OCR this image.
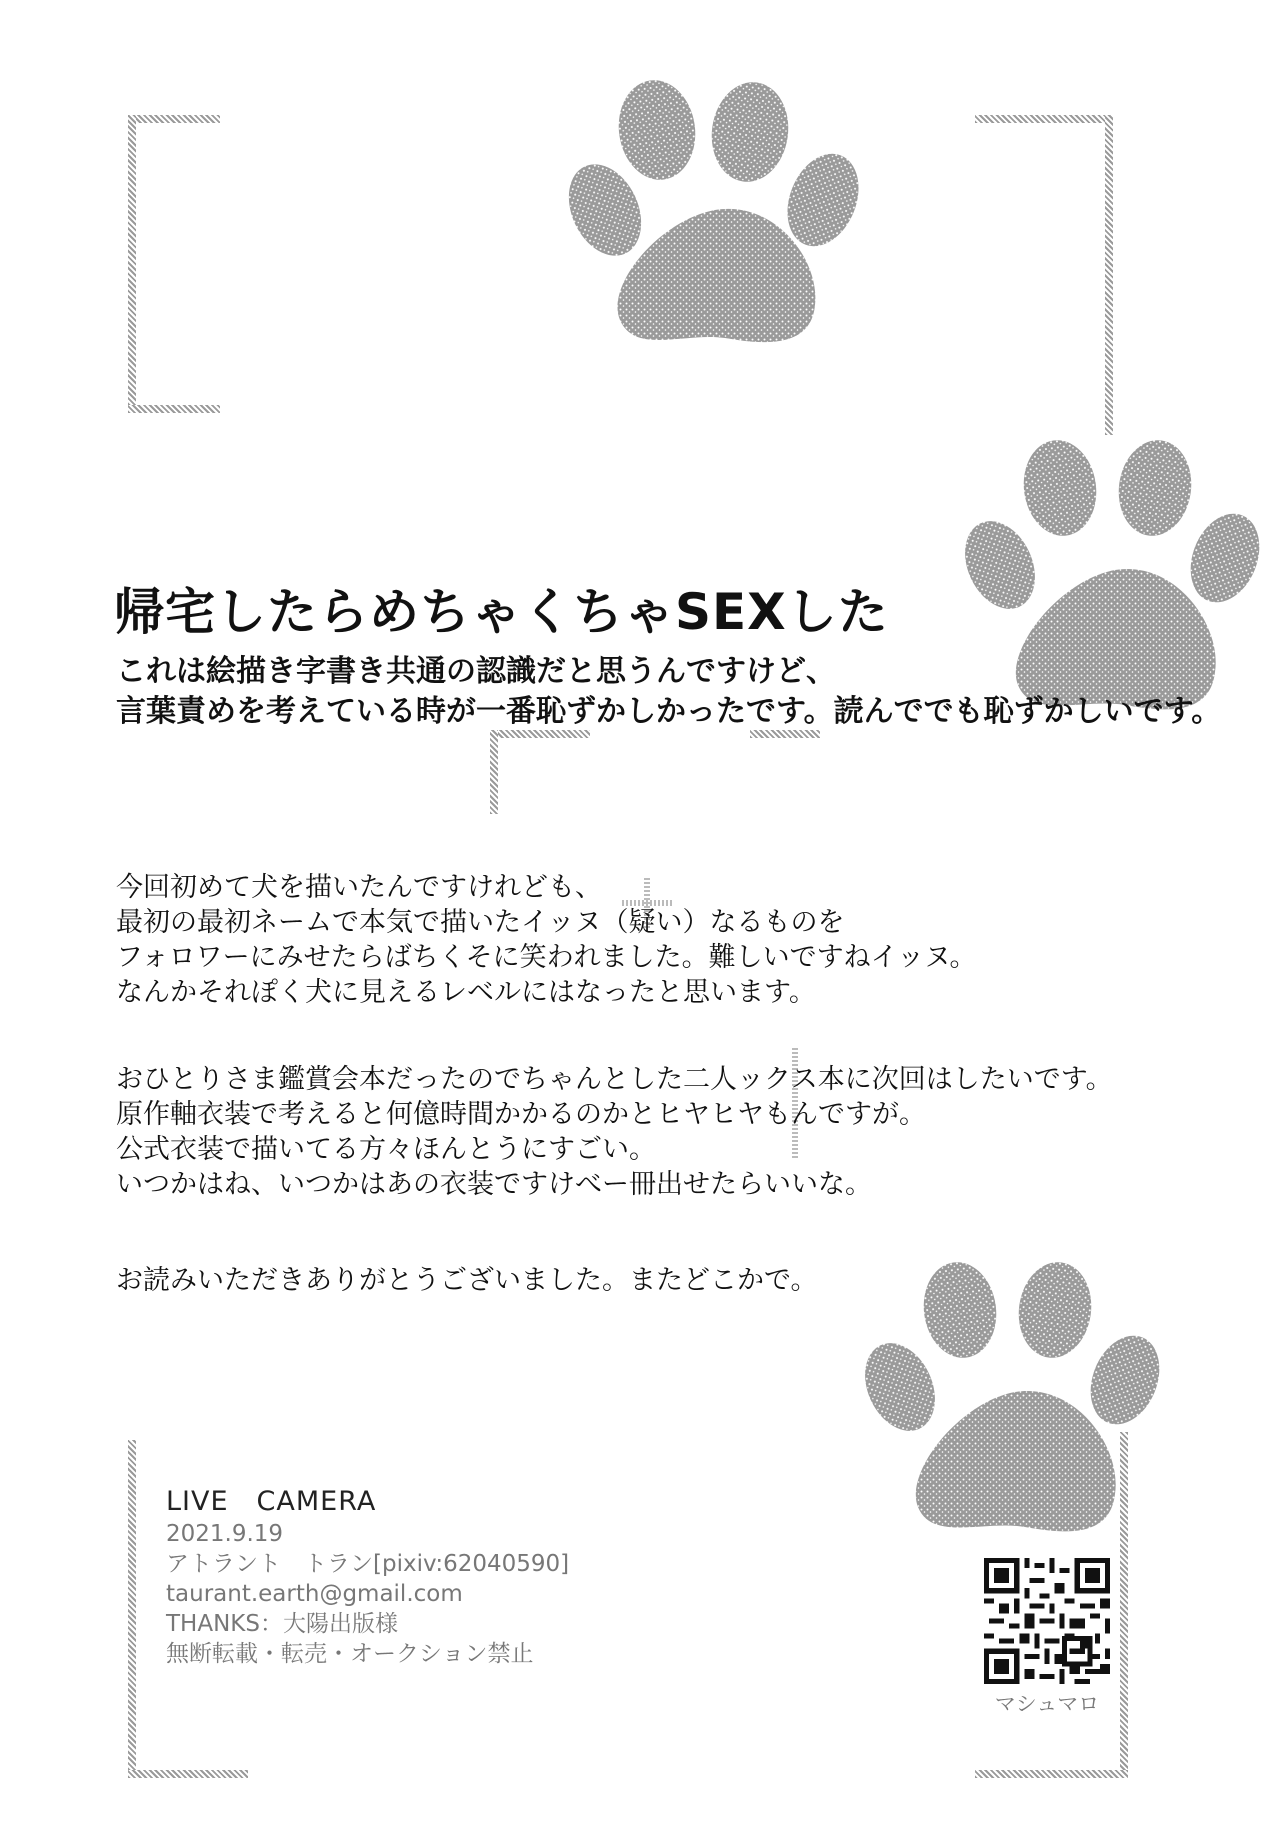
帰宅したらめちゃくちゃSEXした
これは絵描き字書き共通の認識だと思うんですけど、
言葉責めを考えている時が一番恥ずかしかったです。読んででも恥ずかしいです。
今回初めて犬を描いたんですけれども、
最初の最初ネームで本気で描いたイッヌ（疑い）なるものを
フォロワーにみせたらばちくそに笑われました。難しいですねイッヌ。
なんかそれぽく犬に見えるレベルにはなったと思います。
おひとりさま鑑賞会本だったのでちゃんとした二人ックス本に次回はしたいです。
原作軸衣装で考えると何億時間かかるのかとヒヤヒヤもんですが。
公式衣装で描いてる方々ほんとうにすごい。
いつかはね、いつかはあの衣装ですけべー冊出せたらいいな。
お読みいただきありがとうございました。またどこかで。
LIVE　CAMERA
2021.9.19
アトラント　トラン[pixiv:62040590]
taurant.earth@gmail.com
THANKS：大陽出版様
無断転載・転売・オークション禁止
マシュマロ
